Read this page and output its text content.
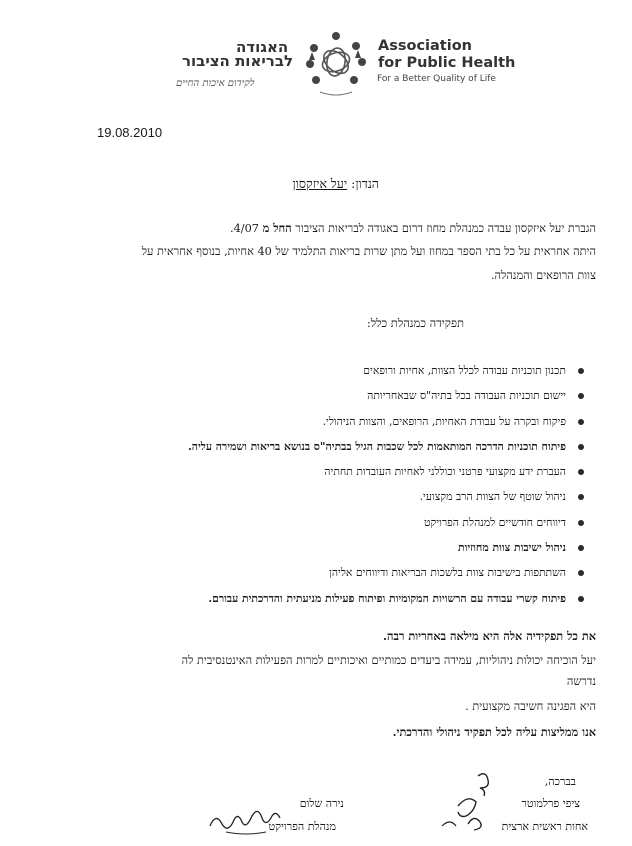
האגודה
לבריאות הציבור
לקידום איכות החיים
Association
for Public Health
For a Better Quality of Life
19.08.2010
הנדון: יעל איזקסון
הגברת יעל איזקסון עבדה כמנהלת מחוז דרום באגודה לבריאות הציבור החל מ 4/07.
היתה אחראית על כל בתי הספר במחוז ועל מתן שרות בריאות התלמיד של 40 אחיות, בנוסף אחראית על
צוות הרופאים והמנהלה.
תפקידה כמנהלת כלל:
תכנון תוכניות עבודה לכלל הצוות, אחיות ורופאים
יישום תוכניות העבודה בכל בתיה"ס שבאחריותה
פיקוח ובקרה על עבודת האחיות, הרופאים, והצוות הניהולי.
פיתוח תוכניות הדרכה המותאמות לכל שכבות הגיל בבתיה"ס בנושא בריאות ושמירה עליה.
העברת ידע מקצועי פרטני וכוללני לאחיות העובדות תחתיה
ניהול שוטף של הצוות הרב מקצועי.
דיווחים חודשיים למנהלת הפרויקט
ניהול ישיבות צוות מחוזיות
השתתפות בישיבות צוות בלשכות הבריאות ודיווחים אליהן
פיתוח קשרי עבודה עם הרשויות המקומיות ופיתוח פעילות מניעתית והדרכתית עבורם.
את כל תפקידיה אלה היא מילאה באחריות רבה.
יעל הוכיחה יכולות ניהוליות, עמידה ביעדים כמותיים ואיכותיים למרות הפעילות האינטנסיבית לה
נדרשה
היא הפגינה חשיבה מקצועית .
אנו ממליצות עליה לכל תפקיד ניהולי והדרכתי.
בברכה,
ציפי פרלמוטר
אחות ראשית ארצית
נירה שלום
מנהלת הפרויקט
